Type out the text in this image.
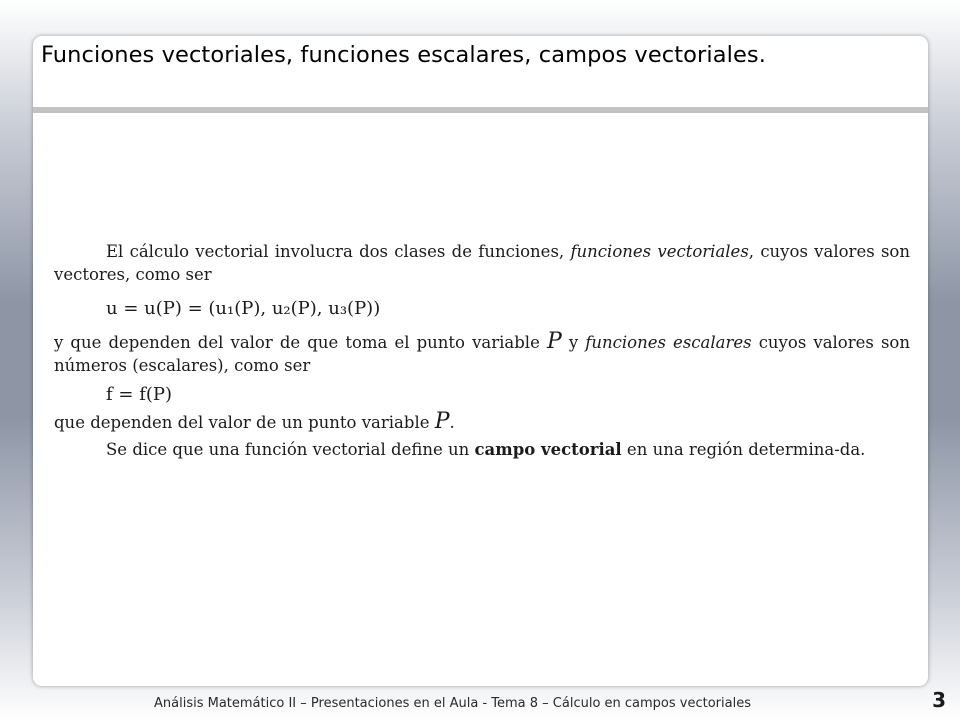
Funciones vectoriales, funciones escalares, campos vectoriales.

El cálculo vectorial involucra dos clases de funciones, funciones vectoriales, cuyos valores son vectores, como ser

u = u(P) = (u₁(P), u₂(P), u₃(P))

y que dependen del valor de que toma el punto variable P y funciones escalares cuyos valores son números (escalares), como ser

f = f(P)

que dependen del valor de un punto variable P.

Se dice que una función vectorial define un campo vectorial en una región determina-da.

Análisis Matemático II – Presentaciones en el Aula - Tema 8 – Cálculo en campos vectoriales	3
